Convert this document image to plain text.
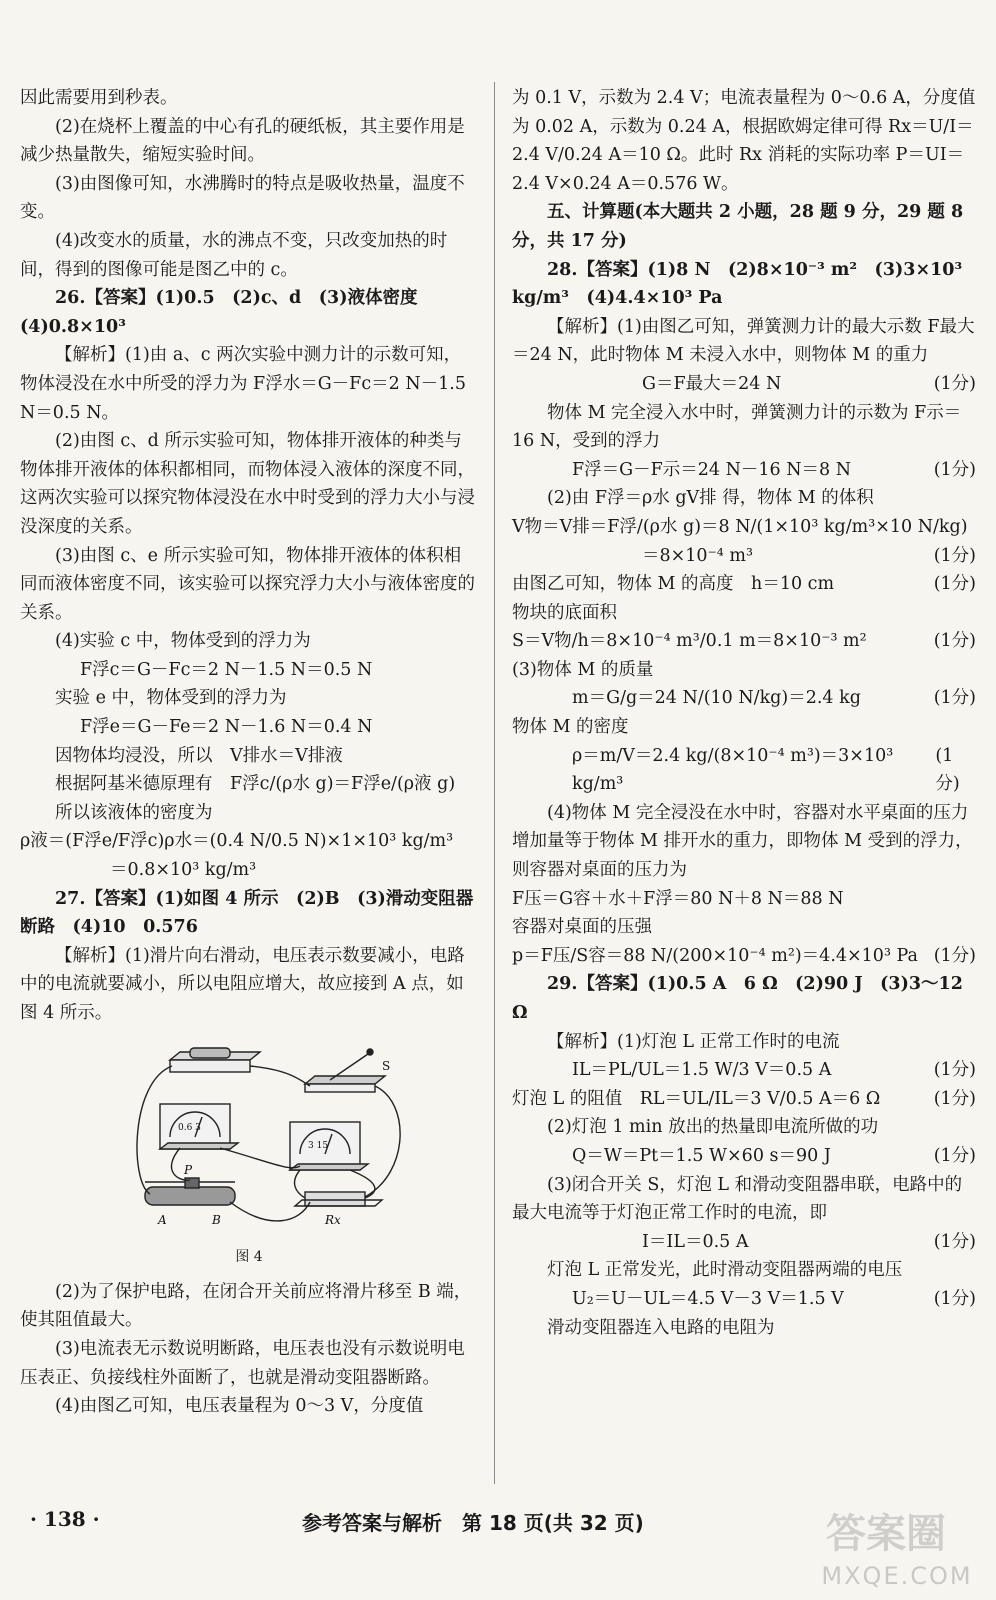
因此需要用到秒表。

(2)在烧杯上覆盖的中心有孔的硬纸板，其主要作用是减少热量散失，缩短实验时间。

(3)由图像可知，水沸腾时的特点是吸收热量，温度不变。

(4)改变水的质量，水的沸点不变，只改变加热的时间，得到的图像可能是图乙中的 c。

26.【答案】(1)0.5　(2)c、d　(3)液体密度　(4)0.8×10³

【解析】(1)由 a、c 两次实验中测力计的示数可知，物体浸没在水中所受的浮力为 F浮水＝G－Fc＝2 N－1.5 N＝0.5 N。

(2)由图 c、d 所示实验可知，物体排开液体的种类与物体排开液体的体积都相同，而物体浸入液体的深度不同，这两次实验可以探究物体浸没在水中时受到的浮力大小与浸没深度的关系。

(3)由图 c、e 所示实验可知，物体排开液体的体积相同而液体密度不同，该实验可以探究浮力大小与液体密度的关系。

(4)实验 c 中，物体受到的浮力为

F浮c＝G－Fc＝2 N－1.5 N＝0.5 N

实验 e 中，物体受到的浮力为

F浮e＝G－Fe＝2 N－1.6 N＝0.4 N

因物体均浸没，所以　V排水＝V排液

根据阿基米德原理有　F浮c/(ρ水 g)＝F浮e/(ρ液 g)

所以该液体的密度为

ρ液＝(F浮e/F浮c)ρ水＝(0.4 N/0.5 N)×1×10³ kg/m³

＝0.8×10³ kg/m³

27.【答案】(1)如图 4 所示　(2)B　(3)滑动变阻器断路　(4)10　0.576

【解析】(1)滑片向右滑动，电压表示数要减小，电路中的电流就要减小，所以电阻应增大，故应接到 A 点，如图 4 所示。

S
P
A	B	Rx
3 15
0.6 3
图 4

(2)为了保护电路，在闭合开关前应将滑片移至 B 端，使其阻值最大。

(3)电流表无示数说明断路，电压表也没有示数说明电压表正、负接线柱外面断了，也就是滑动变阻器断路。

(4)由图乙可知，电压表量程为 0～3 V，分度值

为 0.1 V，示数为 2.4 V；电流表量程为 0～0.6 A，分度值为 0.02 A，示数为 0.24 A，根据欧姆定律可得 Rx＝U/I＝2.4 V/0.24 A＝10 Ω。此时 Rx 消耗的实际功率 P＝UI＝2.4 V×0.24 A＝0.576 W。

五、计算题(本大题共 2 小题，28 题 9 分，29 题 8 分，共 17 分)

28.【答案】(1)8 N　(2)8×10⁻³ m²　(3)3×10³ kg/m³　(4)4.4×10³ Pa

【解析】(1)由图乙可知，弹簧测力计的最大示数 F最大＝24 N，此时物体 M 未浸入水中，则物体 M 的重力

G＝F最大＝24 N	(1分)

物体 M 完全浸入水中时，弹簧测力计的示数为 F示＝16 N，受到的浮力

F浮＝G－F示＝24 N－16 N＝8 N	(1分)

(2)由 F浮＝ρ水 gV排 得，物体 M 的体积

V物＝V排＝F浮/(ρ水 g)＝8 N/(1×10³ kg/m³×10 N/kg)

＝8×10⁻⁴ m³	(1分)
由图乙可知，物体 M 的高度　h＝10 cm	(1分)

物块的底面积

S＝V物/h＝8×10⁻⁴ m³/0.1 m＝8×10⁻³ m²	(1分)

(3)物体 M 的质量

m＝G/g＝24 N/(10 N/kg)＝2.4 kg	(1分)

物体 M 的密度

ρ＝m/V＝2.4 kg/(8×10⁻⁴ m³)＝3×10³ kg/m³
(1分)

(4)物体 M 完全浸没在水中时，容器对水平桌面的压力增加量等于物体 M 排开水的重力，即物体 M 受到的浮力，则容器对桌面的压力为

F压＝G容＋水＋F浮＝80 N＋8 N＝88 N

容器对桌面的压强

p＝F压/S容＝88 N/(200×10⁻⁴ m²)＝4.4×10³ Pa (1分)

29.【答案】(1)0.5 A　6 Ω　(2)90 J　(3)3～12 Ω

【解析】(1)灯泡 L 正常工作时的电流

IL＝PL/UL＝1.5 W/3 V＝0.5 A	(1分)
灯泡 L 的阻值　RL＝UL/IL＝3 V/0.5 A＝6 Ω	(1分)

(2)灯泡 1 min 放出的热量即电流所做的功

Q＝W＝Pt＝1.5 W×60 s＝90 J	(1分)

(3)闭合开关 S，灯泡 L 和滑动变阻器串联，电路中的最大电流等于灯泡正常工作时的电流，即

I＝IL＝0.5 A	(1分)

灯泡 L 正常发光，此时滑动变阻器两端的电压

U₂＝U－UL＝4.5 V－3 V＝1.5 V	(1分)

滑动变阻器连入电路的电阻为

· 138 ·	参考答案与解析　第 18 页(共 32 页)	答案圈
MXQE.COM
